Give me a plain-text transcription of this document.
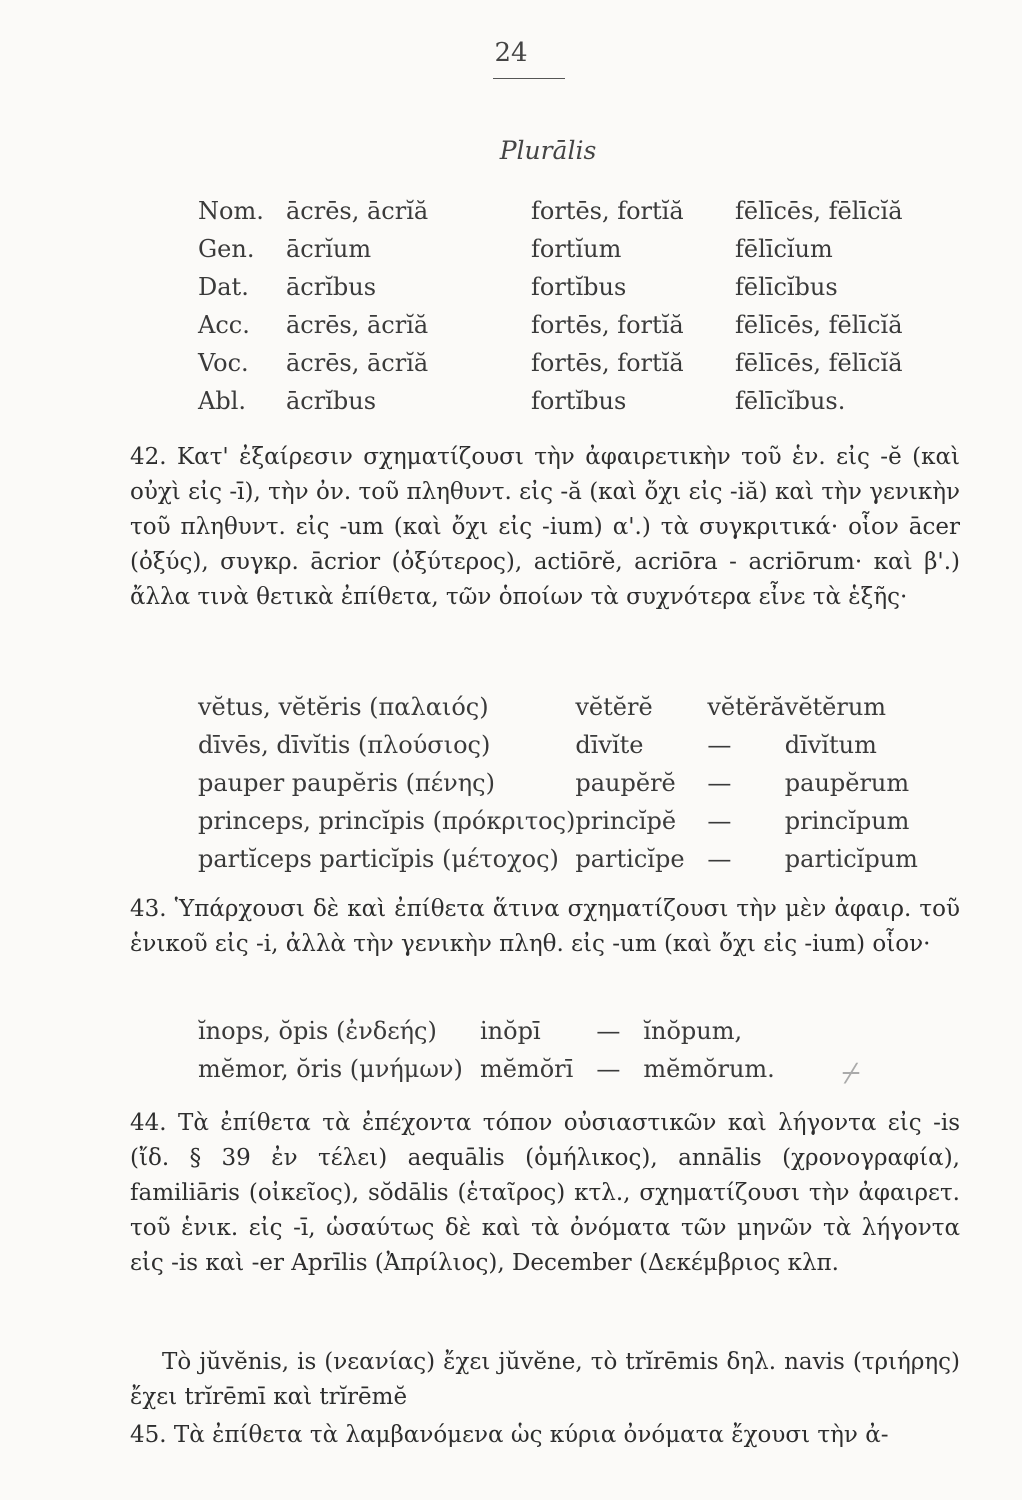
24
Plurālis
Nom.	ācrēs, ācrĭă	fortēs, fortĭă	fēlīcēs, fēlīcĭă
Gen.	ācrĭum	fortĭum	fēlīcĭum
Dat.	ācrĭbus	fortĭbus	fēlīcĭbus
Acc.	ācrēs, ācrĭă	fortēs, fortĭă	fēlīcēs, fēlīcĭă
Voc.	ācrēs, ācrĭă	fortēs, fortĭă	fēlīcēs, fēlīcĭă
Abl.	ācrĭbus	fortĭbus	fēlīcĭbus.

42. Κατ' ἐξαίρεσιν σχηματίζουσι τὴν ἀφαιρετικὴν τοῦ ἑν. εἰς -ĕ (καὶ οὐχὶ εἰς -ī), τὴν ὀν. τοῦ πληθυντ. εἰς -ă (καὶ ὄχι εἰς -iă) καὶ τὴν γενικὴν τοῦ πληθυντ. εἰς -um (καὶ ὄχι εἰς -ium) α'.) τὰ συγκριτικά· οἷον ācer (ὀξύς), συγκρ. ācrior (ὀξύτερος), actiōrĕ, acriōra - acriōrum· καὶ β'.) ἄλλα τινὰ θετικὰ ἐπίθετα, τῶν ὁποίων τὰ συχνότερα εἶνε τὰ ἑξῆς·

vĕtus, vĕtĕris (παλαιός)	vĕtĕrĕ	vĕtĕră	vĕtĕrum
dīvēs, dīvĭtis (πλούσιος)	dīvĭte	—	dīvĭtum
pauper paupĕris (πένης)	paupĕrĕ	—	paupĕrum
princeps, princĭpis (πρόκριτος)	princĭpĕ	—	princĭpum
partĭceps particĭpis (μέτοχος)	particĭpe	—	particĭpum

43. Ὑπάρχουσι δὲ καὶ ἐπίθετα ἅτινα σχηματίζουσι τὴν μὲν ἀφαιρ. τοῦ ἑνικοῦ εἰς -i, ἀλλὰ τὴν γενικὴν πληθ. εἰς -um (καὶ ὄχι εἰς -ium) οἷον·

ĭnops, ŏpis (ἐνδεής)	inŏpī	—	ĭnŏpum,
mĕmor, ŏris (μνήμων)	mĕmŏrī	—	mĕmŏrum. ⌿

44. Τὰ ἐπίθετα τὰ ἐπέχοντα τόπον οὐσιαστικῶν καὶ λήγοντα εἰς -is (ἴδ. § 39 ἐν τέλει) aequālis (ὁμήλικος), annālis (χρονογραφία), familiāris (οἰκεῖος), sŏdālis (ἑταῖρος) κτλ., σχηματίζουσι τὴν ἀφαιρετ. τοῦ ἑνικ. εἰς -ī, ὡσαύτως δὲ καὶ τὰ ὀνόματα τῶν μηνῶν τὰ λήγοντα εἰς -is καὶ -er Aprīlis (Ἀπρίλιος), December (Δεκέμβριος κλπ.

Τὸ jŭvĕnis, is (νεανίας) ἔχει jŭvĕne, τὸ trĭrēmis δηλ. navis (τριήρης) ἔχει trĭrēmī καὶ trĭrēmĕ

45. Τὰ ἐπίθετα τὰ λαμβανόμενα ὡς κύρια ὀνόματα ἔχουσι τὴν ἀ-
